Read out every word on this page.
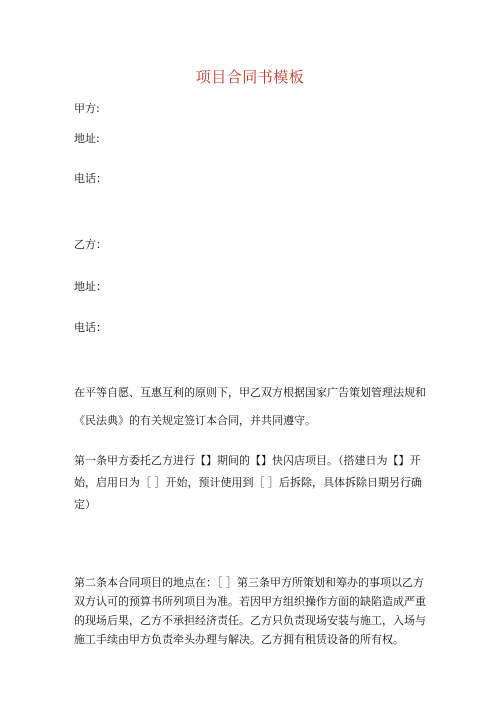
项目合同书模板
甲方:
地址:
电话：
乙方：
地址：
电话：
在平等自愿、互惠互利的原则下，甲乙双方根据国家广告策划管理法规和
《民法典》的有关规定签订本合同，并共同遵守。
第一条甲方委托乙方进行【】期间的【】快闪店项目。（搭建日为【】开
始，启用日为［ ］开始，预计使用到［ ］后拆除，具体拆除日期另行确
定）
第二条本合同项目的地点在：［ ］第三条甲方所策划和筹办的事项以乙方
双方认可的预算书所列项目为准。若因甲方组织操作方面的缺陷造成严重
的现场后果，乙方不承担经济责任。乙方只负责现场安装与施工，入场与
施工手续由甲方负责牵头办理与解决。乙方拥有租赁设备的所有权。
